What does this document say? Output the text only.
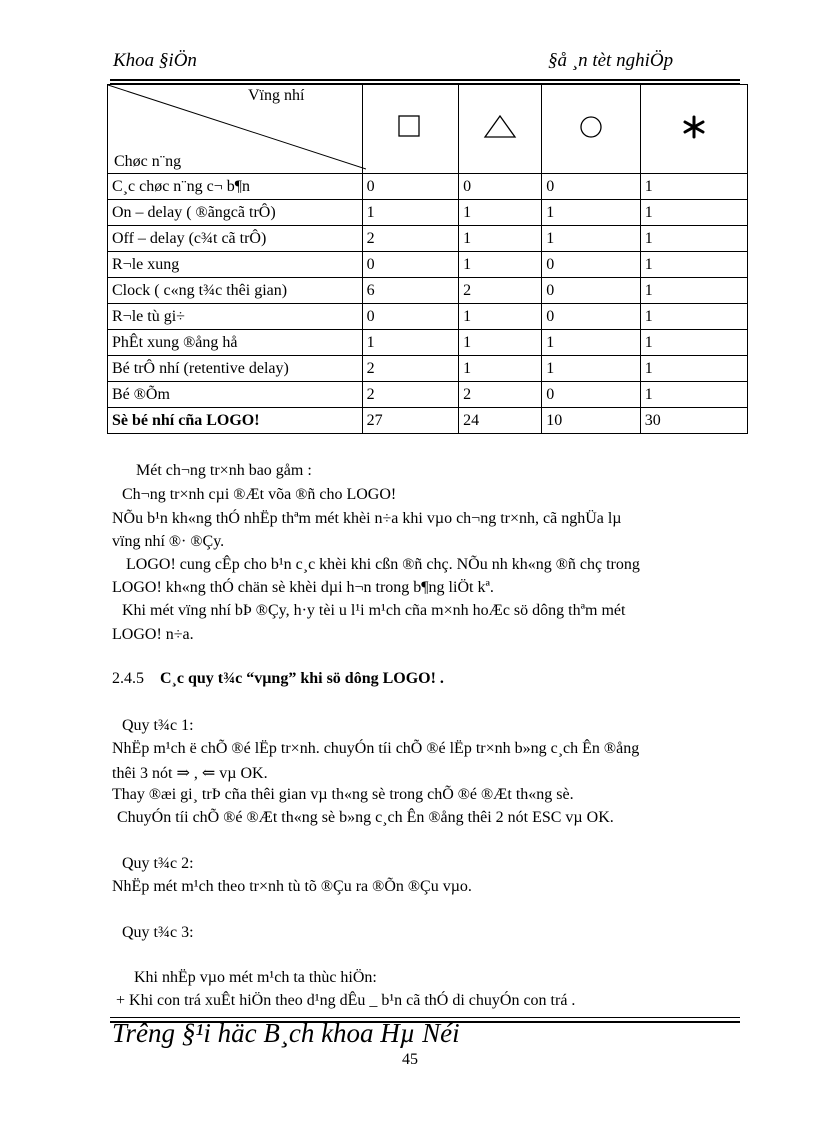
Khoa §iÖn	§å ¸n tèt nghiÖp
Vïng nhí
Chøc n¨ng

C¸c chøc n¨ng c¬ b¶n	0	0	0	1
On – delay ( ®ãngcã trÔ)	1	1	1	1
Off – delay (c¾t cã trÔ)	2	1	1	1
R¬le xung	0	1	0	1
Clock ( c«ng t¾c thêi gian)	6	2	0	1
R¬le tù gi÷	0	1	0	1
PhÊt xung ®ång hå	1	1	1	1
Bé trÔ nhí (retentive delay)	2	1	1	1
Bé ®Õm	2	2	0	1
Sè bé nhí cña LOGO!	27	24	10	30
Mét ch¬ng tr×nh bao gåm :
Ch¬ng tr×nh cµi ®Æt võa ®ñ cho LOGO!
NÕu b¹n kh«ng thÓ nhËp thªm mét khèi n÷a khi vµo ch¬ng tr×nh, cã nghÜa lµ
vïng nhí ®· ®Çy.
LOGO! cung cÊp cho b¹n c¸c khèi khi cßn ®ñ chç. NÕu nh kh«ng ®ñ chç trong
LOGO! kh«ng thÓ chän sè khèi dµi h¬n trong b¶ng liÖt kª.
Khi mét vïng nhí bÞ ®Çy, h·y tèi u l¹i m¹ch cña m×nh hoÆc sö dông thªm mét
LOGO! n÷a.
2.4.5 C¸c quy t¾c “vµng” khi sö dông LOGO! .
Quy t¾c 1:
NhËp m¹ch ë chÕ ®é lËp tr×nh. chuyÓn tíi chÕ ®é lËp tr×nh b»ng c¸ch Ên ®ång
thêi 3 nót ⇒ , ⇐ vµ OK.
Thay ®æi gi¸ trÞ cña thêi gian vµ th«ng sè trong chÕ ®é ®Æt th«ng sè.
ChuyÓn tíi chÕ ®é ®Æt th«ng sè b»ng c¸ch Ên ®ång thêi 2 nót ESC vµ OK.
Quy t¾c 2:
NhËp mét m¹ch theo tr×nh tù tõ ®Çu ra ®Õn ®Çu vµo.
Quy t¾c 3:
Khi nhËp vµo mét m¹ch ta thùc hiÖn:
+ Khi con trá xuÊt hiÖn theo d¹ng dÊu _ b¹n cã thÓ di chuyÓn con trá .
Trêng §¹i häc B¸ch khoa Hµ Néi
45
